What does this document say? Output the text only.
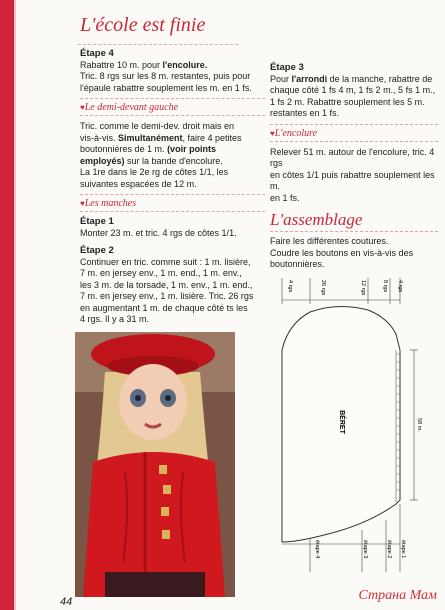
L'école est finie

Étape 4

Rabattre 10 m. pour l'encolure.

Tric. 8 rgs sur les 8 m. restantes, puis pour

l'épaule rabattre souplement les m. en 1 fs.

♥ Le demi-devant gauche

Tric. comme le demi-dev. droit mais en

vis-à-vis. Simultanément, faire 4 petites

boutonnières de 1 m. (voir points

employés) sur la bande d'encolure.

La 1re dans le 2e rg de côtes 1/1, les

suivantes espacées de 12 m.

♥ Les manches

Étape 1

Monter 23 m. et tric. 4 rgs de côtes 1/1.

Étape 2

Continuer en tric. comme suit : 1 m. lisière,

7 m. en jersey env., 1 m. end., 1 m. env.,

les 3 m. de la torsade, 1 m. env., 1 m. end.,

7 m. en jersey env., 1 m. lisière. Tric. 26 rgs

en augmentant 1 m. de chaque côté ts les

4 rgs. Il y a 31 m.

Étape 3

Pour l'arrondi de la manche, rabattre de

chaque côté 1 fs 4 m, 1 fs 2 m., 5 fs 1 m.,

1 fs 2 m. Rabattre souplement les 5 m.

restantes en 1 fs.

♥ L'encolure

Relever 51 m. autour de l'encolure, tric. 4 rgs

en côtes 1/1 puis rabattre souplement les m.

en 1 fs.

L'assemblage

Faire les différentes coutures.

Coudre les boutons en vis-à-vis des

boutonnières.

4 rgs	26 rgs	12 rgs	8 rgs 4 rgs
BÉRET	58 m.
étape 4	étape 3	étape 2 étape 1
44	Страна Мам
